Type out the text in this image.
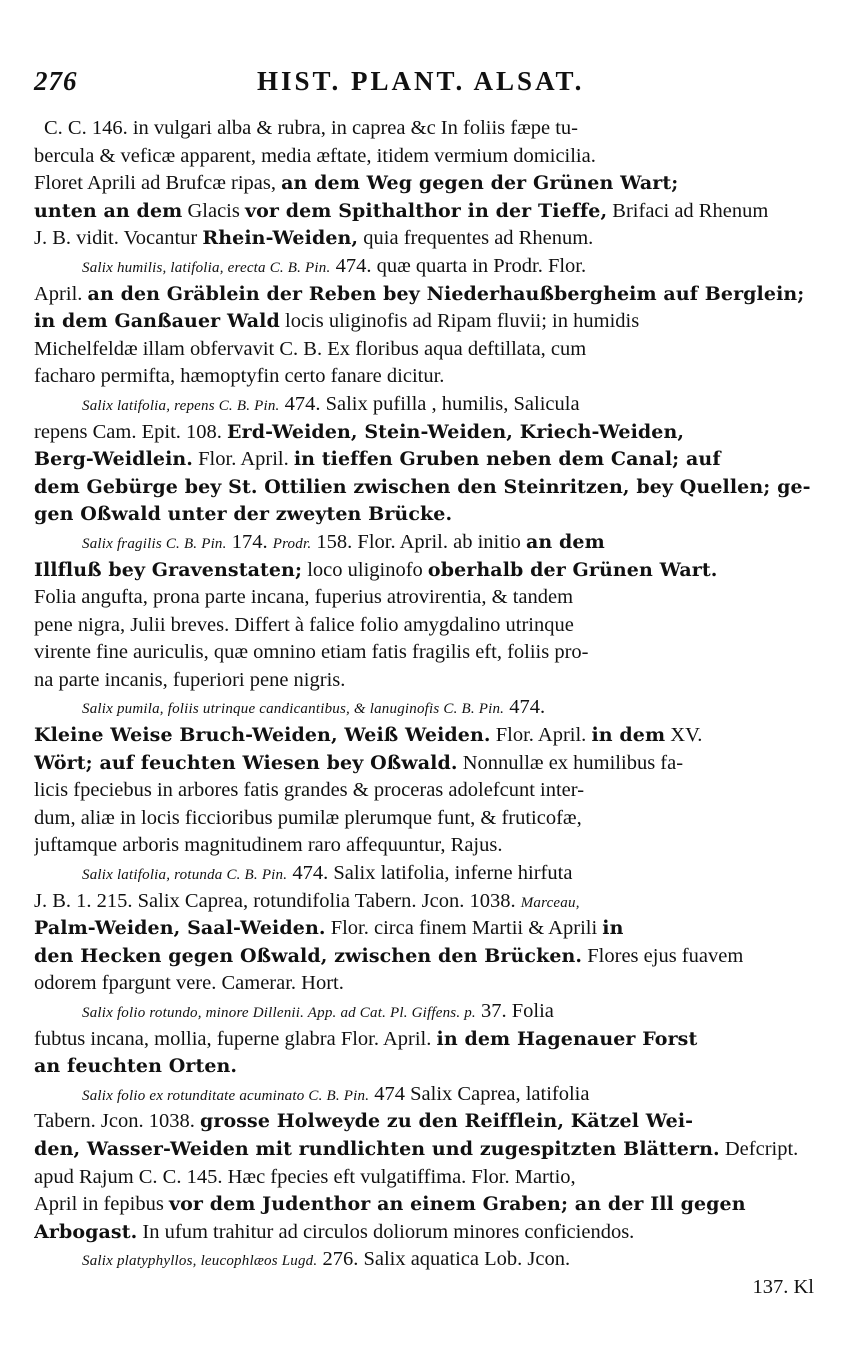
276	HIST. PLANT. ALSAT.
C. C. 146. in vulgari alba & rubra, in caprea &c In foliis fæpe tu-
bercula & veficæ apparent, media æftate, itidem vermium domicilia.
Floret Aprili ad Brufcæ ripas, an dem Weg gegen der Grünen Wart;
unten an dem Glacis vor dem Spithalthor in der Tieffe, Brifaci ad Rhenum
J. B. vidit. Vocantur Rhein-Weiden, quia frequentes ad Rhenum.
Salix humilis, latifolia, erecta C. B. Pin. 474. quæ quarta in Prodr. Flor.
April. an den Gräblein der Reben bey Niederhaußbergheim auf Berglein;
in dem Ganßauer Wald locis uliginofis ad Ripam fluvii; in humidis
Michelfeldæ illam obfervavit C. B. Ex floribus aqua deftillata, cum
facharo permifta, hæmoptyfin certo fanare dicitur.
Salix latifolia, repens C. B. Pin. 474. Salix pufilla , humilis, Salicula
repens Cam. Epit. 108. Erd-Weiden, Stein-Weiden, Kriech-Weiden,
Berg-Weidlein. Flor. April. in tieffen Gruben neben dem Canal; auf
dem Gebürge bey St. Ottilien zwischen den Steinritzen, bey Quellen; ge-
gen Oßwald unter der zweyten Brücke.
Salix fragilis C. B. Pin. 174. Prodr. 158. Flor. April. ab initio an dem
Illfluß bey Gravenstaten; loco uliginofo oberhalb der Grünen Wart.
Folia angufta, prona parte incana, fuperius atrovirentia, & tandem
pene nigra, Julii breves. Differt à falice folio amygdalino utrinque
virente fine auriculis, quæ omnino etiam fatis fragilis eft, foliis pro-
na parte incanis, fuperiori pene nigris.
Salix pumila, foliis utrinque candicantibus, & lanuginofis C. B. Pin. 474.
Kleine Weise Bruch-Weiden, Weiß Weiden. Flor. April. in dem XV.
Wört; auf feuchten Wiesen bey Oßwald. Nonnullæ ex humilibus fa-
licis fpeciebus in arbores fatis grandes & proceras adolefcunt inter-
dum, aliæ in locis ficcioribus pumilæ plerumque funt, & fruticofæ,
juftamque arboris magnitudinem raro affequuntur, Rajus.
Salix latifolia, rotunda C. B. Pin. 474. Salix latifolia, inferne hirfuta
J. B. 1. 215. Salix Caprea, rotundifolia Tabern. Jcon. 1038. Marceau,
Palm-Weiden, Saal-Weiden. Flor. circa finem Martii & Aprili in
den Hecken gegen Oßwald, zwischen den Brücken. Flores ejus fuavem
odorem fpargunt vere. Camerar. Hort.
Salix folio rotundo, minore Dillenii. App. ad Cat. Pl. Giffens. p. 37. Folia
fubtus incana, mollia, fuperne glabra Flor. April. in dem Hagenauer Forst
an feuchten Orten.
Salix folio ex rotunditate acuminato C. B. Pin. 474 Salix Caprea, latifolia
Tabern. Jcon. 1038. grosse Holweyde zu den Reifflein, Kätzel Wei-
den, Wasser-Weiden mit rundlichten und zugespitzten Blättern. Defcript.
apud Rajum C. C. 145. Hæc fpecies eft vulgatiffima. Flor. Martio,
April in fepibus vor dem Judenthor an einem Graben; an der Ill gegen
Arbogast. In ufum trahitur ad circulos doliorum minores conficiendos.
Salix platyphyllos, leucophlæos Lugd. 276. Salix aquatica Lob. Jcon.
137. Kl
